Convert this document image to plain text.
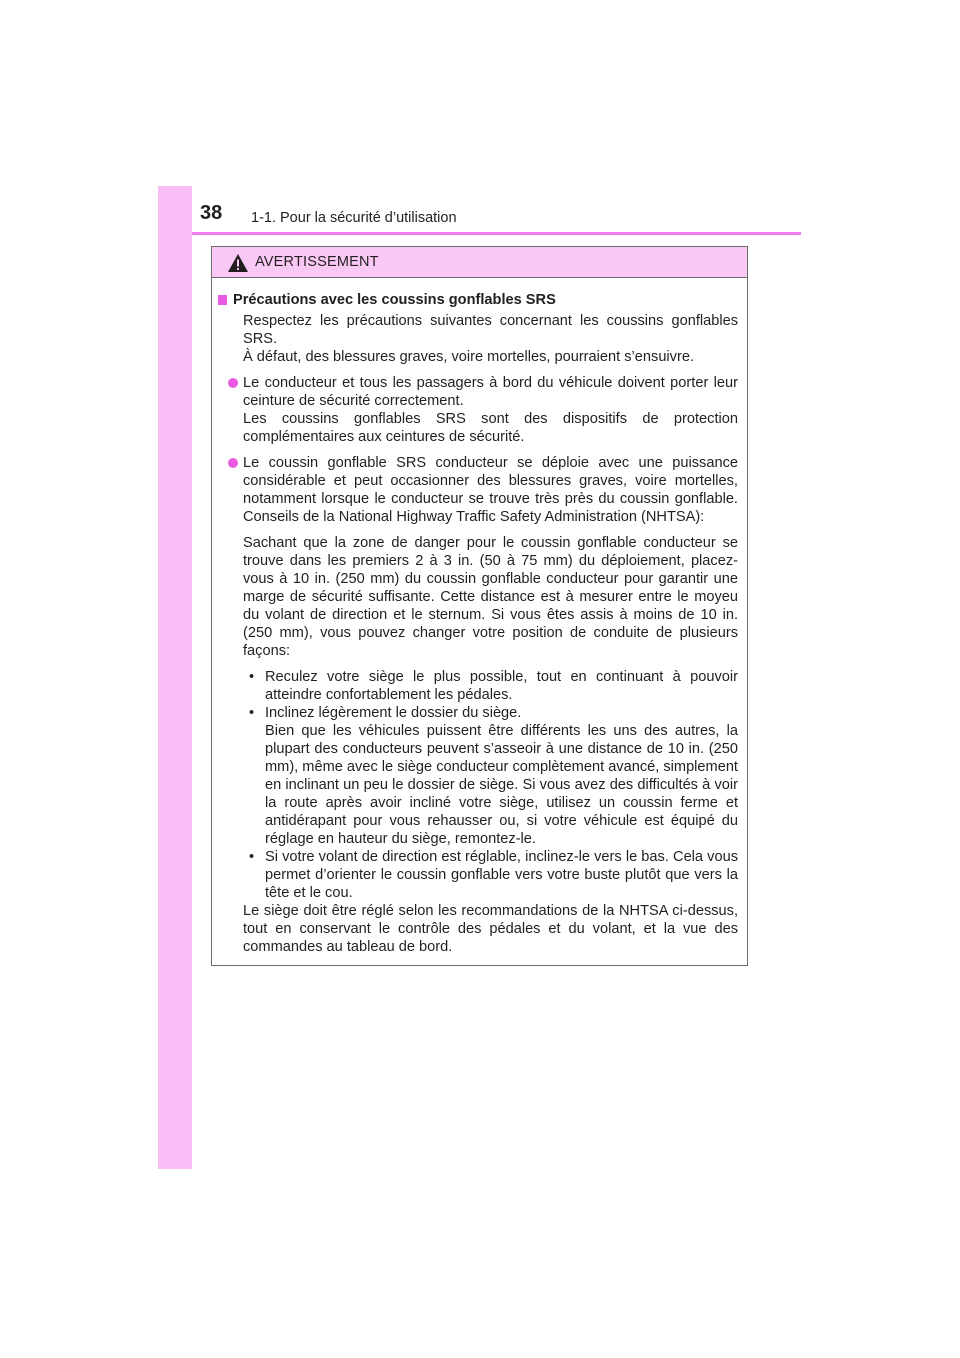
38 1-1. Pour la sécurité d’utilisation
AVERTISSEMENT
Précautions avec les coussins gonflables SRS

Respectez les précautions suivantes concernant les coussins gonflables SRS.

À défaut, des blessures graves, voire mortelles, pourraient s’ensuivre.

Le conducteur et tous les passagers à bord du véhicule doivent porter leur ceinture de sécurité correctement.

Les coussins gonflables SRS sont des dispositifs de protection complémentaires aux ceintures de sécurité.

Le coussin gonflable SRS conducteur se déploie avec une puissance considérable et peut occasionner des blessures graves, voire mortelles, notamment lorsque le conducteur se trouve très près du coussin gonflable. Conseils de la National Highway Traffic Safety Administration (NHTSA):

Sachant que la zone de danger pour le coussin gonflable conducteur se trouve dans les premiers 2 à 3 in. (50 à 75 mm) du déploiement, placez-vous à 10 in. (250 mm) du coussin gonflable conducteur pour garantir une marge de sécurité suffisante. Cette distance est à mesurer entre le moyeu du volant de direction et le sternum. Si vous êtes assis à moins de 10 in. (250 mm), vous pouvez changer votre position de conduite de plusieurs façons:

• Reculez votre siège le plus possible, tout en continuant à pouvoir atteindre confortablement les pédales.

• Inclinez légèrement le dossier du siège.

Bien que les véhicules puissent être différents les uns des autres, la plupart des conducteurs peuvent s’asseoir à une distance de 10 in. (250 mm), même avec le siège conducteur complètement avancé, simplement en inclinant un peu le dossier de siège. Si vous avez des difficultés à voir la route après avoir incliné votre siège, utilisez un coussin ferme et antidérapant pour vous rehausser ou, si votre véhicule est équipé du réglage en hauteur du siège, remontez-le.

• Si votre volant de direction est réglable, inclinez-le vers le bas. Cela vous permet d’orienter le coussin gonflable vers votre buste plutôt que vers la tête et le cou.

Le siège doit être réglé selon les recommandations de la NHTSA ci-dessus, tout en conservant le contrôle des pédales et du volant, et la vue des commandes au tableau de bord.
